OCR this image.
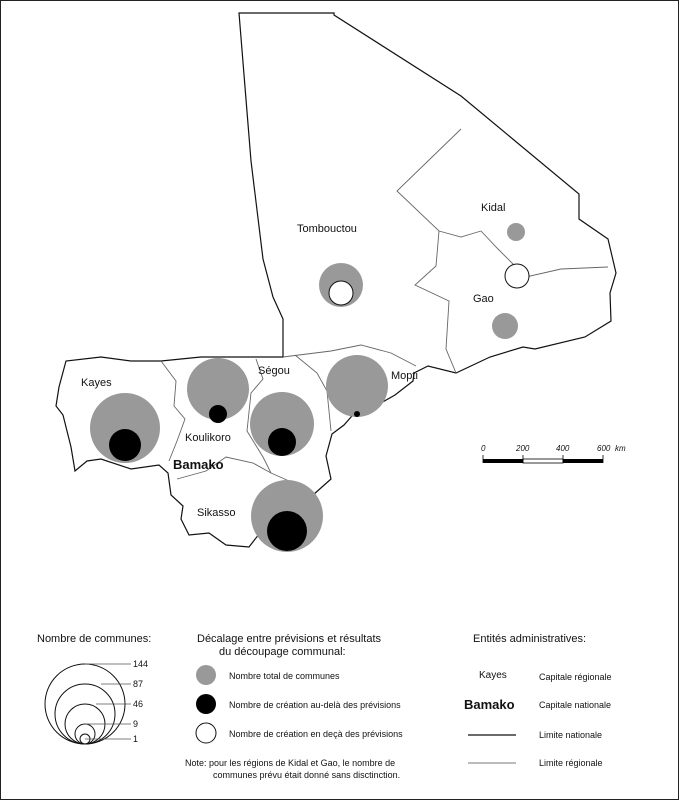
Tombouctou
Kidal
Gao
Kayes
Koulikoro
Ségou	Mopti
Sikasso
Bamako
0	200	400	600 km
Nombre de communes:
144
87
46
9
1
Décalage entre prévisions et résultats
du découpage communal:
Nombre total de communes
Nombre de création au-delà des prévisions
Nombre de création en deçà des prévisions
Note: pour les régions de Kidal et Gao, le nombre de
communes prévu était donné sans disctinction.
Entités administratives:
Kayes	Capitale régionale
Bamako	Capitale nationale
Limite nationale
Limite régionale
